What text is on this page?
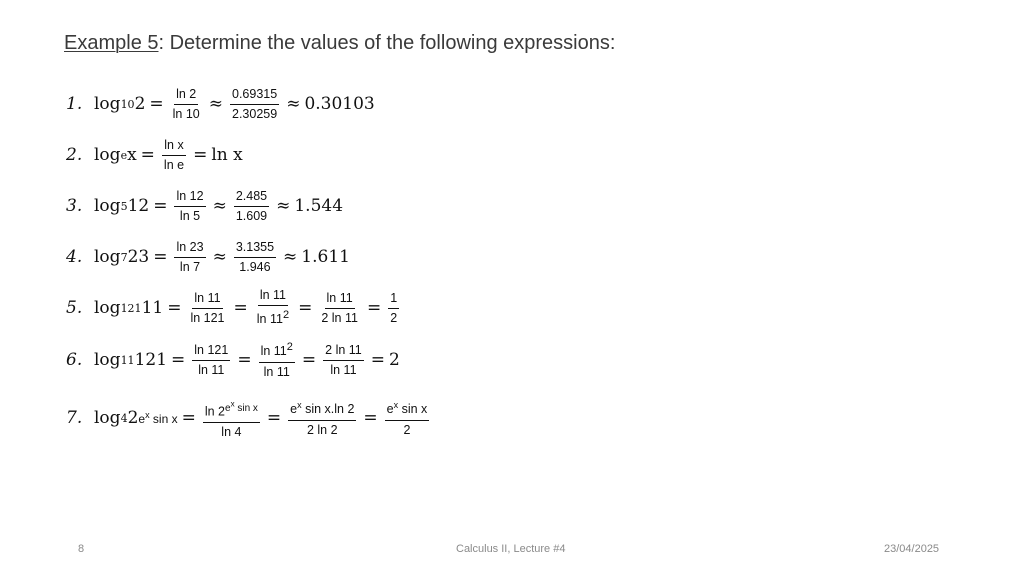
Example 5: Determine the values of the following expressions:
1. log 10 $2 = \frac{\ln 2}{\ln 10} \approx \frac{0.69315}{2.30259} \approx 0.30103$
2. log e $x = \frac{\text{ln x}}{\text{ln e}} = \ln x$
3. log 5 $12 = \frac{\ln 12}{\ln 5} \approx \frac{2.485}{1.609} \approx 1.544$
4. log 7 $23 = \frac{\ln 23}{\ln 7} \approx \frac{3.1355}{1.946} \approx 1.611$
5. log 121 $11 = \frac{\ln 11}{\ln 121} = \frac{\ln 11}{\ln 11^2} = \frac{\ln 11}{2 \ln 11} = \frac{1}{2}$
6. log 11 $121 = \frac{\ln 121}{\ln 11} = \frac{\ln 11^2}{\ln 11} = \frac{2 \ln 11}{\ln 11} = 2$
7. log 4 2 $e^x$ $\sin x = \frac{\ln 2^{e^x sin x}}{\ln 4} = \frac{e^x \sin x.\ln 2}{2 \ln 2} = \frac{e^x \sin x}{2}$
8	Calculus II, Lecture #4	23/04/2025
